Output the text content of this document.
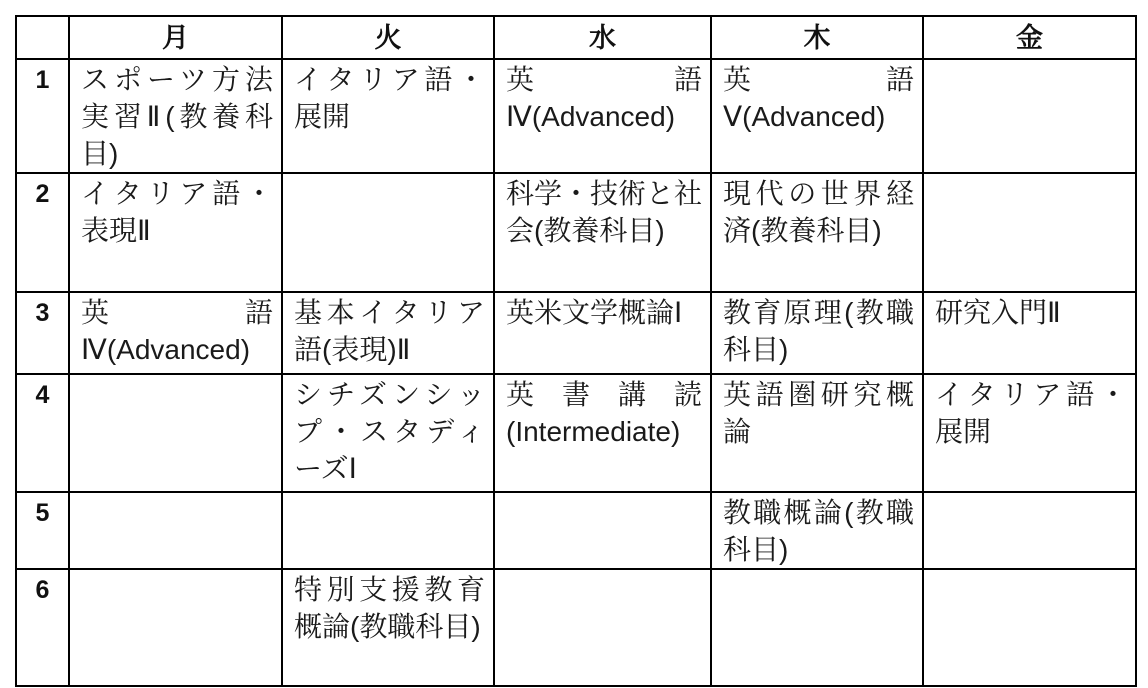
	月	火	水	木	金
1	スポーツ方法実習Ⅱ(教養科目)	イタリア語・展開	英語Ⅳ(Advanced)	英語Ⅴ(Advanced)	
2	イタリア語・表現Ⅱ		科学・技術と社会(教養科目)	現代の世界経済(教養科目)	
3	英語Ⅳ(Advanced)	基本イタリア語(表現)Ⅱ	英米文学概論Ⅰ	教育原理(教職科目)	研究入門Ⅱ
4		シチズンシップ・スタディーズⅠ	英書講読(Intermediate)	英語圏研究概論	イタリア語・展開
5				教職概論(教職科目)	
6		特別支援教育概論(教職科目)			
